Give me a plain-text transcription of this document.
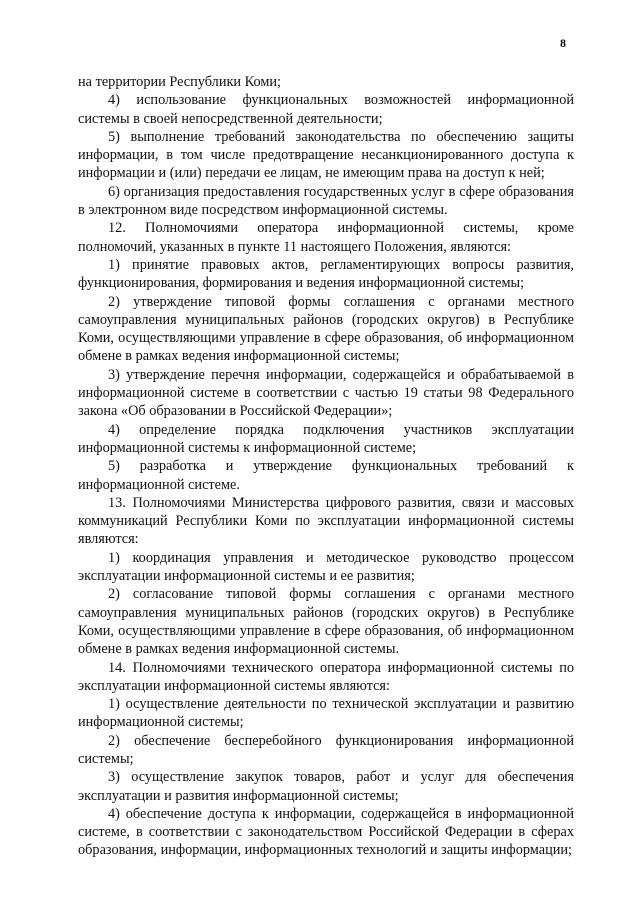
8

на территории Республики Коми;

4) использование функциональных возможностей информационной системы в своей непосредственной деятельности;

5) выполнение требований законодательства по обеспечению защиты информации, в том числе предотвращение несанкционированного доступа к информации и (или) передачи ее лицам, не имеющим права на доступ к ней;

6) организация предоставления государственных услуг в сфере образования в электронном виде посредством информационной системы.

12. Полномочиями оператора информационной системы, кроме полномочий, указанных в пункте 11 настоящего Положения, являются:

1) принятие правовых актов, регламентирующих вопросы развития, функционирования, формирования и ведения информационной системы;

2) утверждение типовой формы соглашения с органами местного самоуправления муниципальных районов (городских округов) в Республике Коми, осуществляющими управление в сфере образования, об информационном обмене в рамках ведения информационной системы;

3) утверждение перечня информации, содержащейся и обрабатываемой в информационной системе в соответствии с частью 19 статьи 98 Федерального закона «Об образовании в Российской Федерации»;

4) определение порядка подключения участников эксплуатации информационной системы к информационной системе;

5) разработка и утверждение функциональных требований к информационной системе.

13. Полномочиями Министерства цифрового развития, связи и массовых коммуникаций Республики Коми по эксплуатации информационной системы являются:

1) координация управления и методическое руководство процессом эксплуатации информационной системы и ее развития;

2) согласование типовой формы соглашения с органами местного самоуправления муниципальных районов (городских округов) в Республике Коми, осуществляющими управление в сфере образования, об информационном обмене в рамках ведения информационной системы.

14. Полномочиями технического оператора информационной системы по эксплуатации информационной системы являются:

1) осуществление деятельности по технической эксплуатации и развитию информационной системы;

2) обеспечение бесперебойного функционирования информационной системы;

3) осуществление закупок товаров, работ и услуг для обеспечения эксплуатации и развития информационной системы;

4) обеспечение доступа к информации, содержащейся в информационной системе, в соответствии с законодательством Российской Федерации в сферах образования, информации, информационных технологий и защиты информации;
